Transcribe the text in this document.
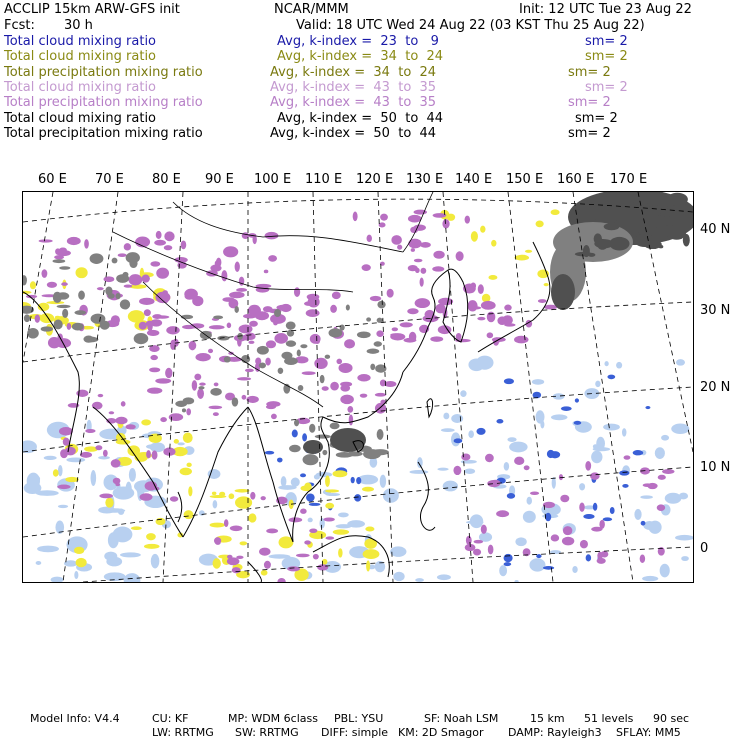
ACCLIP 15km ARW-GFS init	NCAR/MMM	Init: 12 UTC Tue 23 Aug 22
Fcst: 30 h	Valid: 18 UTC Wed 24 Aug 22 (03 KST Thu 25 Aug 22)
Total cloud mixing ratio	Avg, k-index =  23  to   9	sm= 2
Total cloud mixing ratio	Avg, k-index =  34  to  24	sm= 2
Total precipitation mixing ratio	Avg, k-index =  34  to  24	sm= 2
Total cloud mixing ratio	Avg, k-index =  43  to  35	sm= 2
Total precipitation mixing ratio	Avg, k-index =  43  to  35	sm= 2
Total cloud mixing ratio	Avg, k-index =  50  to  44	sm= 2
Total precipitation mixing ratio	Avg, k-index =  50  to  44	sm= 2
60 E 70 E 80 E 90 E 100 E 110 E 120 E 130 E 140 E 150 E 160 E 170 E
40 N
30 N
20 N
10 N
0
Model Info: V4.4	CU: KF	MP: WDM 6class PBL: YSU	SF: Noah LSM	15 km 51 levels 90 sec
LW: RRTMG SW: RRTMG DIFF: simple KM: 2D Smagor DAMP: Rayleigh3 SFLAY: MM5
